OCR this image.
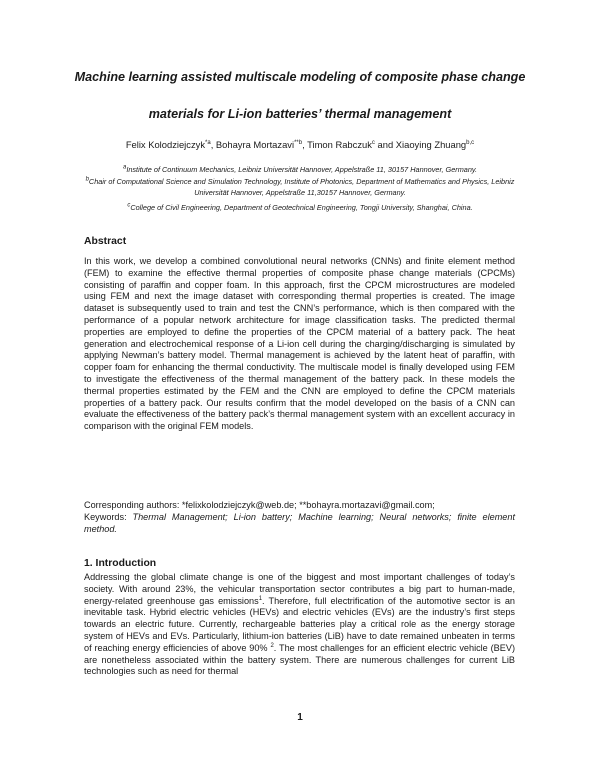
Machine learning assisted multiscale modeling of composite phase change
materials for Li-ion batteries’ thermal management
Felix Kolodziejczyk$^{*a}$, Bohayra Mortazavi$^{**b}$, Timon Rabczuk$^c$ and Xiaoying Zhuang$^{b,c}$
$^a$Institute of Continuum Mechanics, Leibniz Universität Hannover, Appelstraße 11, 30157 Hannover, Germany.
$^b$Chair of Computational Science and Simulation Technology, Institute of Photonics, Department of Mathematics and Physics, Leibniz Universität Hannover, Appelstraße 11,30157 Hannover, Germany.
$^c$College of Civil Engineering, Department of Geotechnical Engineering, Tongji University, Shanghai, China.
Abstract

In this work, we develop a combined convolutional neural networks (CNNs) and finite element method (FEM) to examine the effective thermal properties of composite phase change materials (CPCMs) consisting of paraffin and copper foam. In this approach, first the CPCM microstructures are modeled using FEM and next the image dataset with corresponding thermal properties is created. The image dataset is subsequently used to train and test the CNN’s performance, which is then compared with the performance of a popular network architecture for image classification tasks. The predicted thermal properties are employed to define the properties of the CPCM material of a battery pack. The heat generation and electrochemical response of a Li-ion cell during the charging/discharging is simulated by applying Newman’s battery model. Thermal management is achieved by the latent heat of paraffin, with copper foam for enhancing the thermal conductivity. The multiscale model is finally developed using FEM to investigate the effectiveness of the thermal management of the battery pack. In these models the thermal properties estimated by the FEM and the CNN are employed to define the CPCM materials properties of a battery pack. Our results confirm that the model developed on the basis of a CNN can evaluate the effectiveness of the battery pack’s thermal management system with an excellent accuracy in comparison with the original FEM models.

Corresponding authors: *felixkolodziejczyk@web.de; **bohayra.mortazavi@gmail.com;

Keywords: Thermal Management; Li-ion battery; Machine learning; Neural networks; finite element method.

1. Introduction

Addressing the global climate change is one of the biggest and most important challenges of today’s society. With around 23%, the vehicular transportation sector contributes a big part to human-made, energy-related greenhouse gas emissions$^1$. Therefore, full electrification of the automotive sector is an inevitable task. Hybrid electric vehicles (HEVs) and electric vehicles (EVs) are the industry’s first steps towards an electric future. Currently, rechargeable batteries play a critical role as the energy storage system of HEVs and EVs. Particularly, lithium-ion batteries (LiB) have to date remained unbeaten in terms of reaching energy efficiencies of above 90% $^2$. The most challenges for an efficient electric vehicle (BEV) are nonetheless associated within the battery system. There are numerous challenges for current LiB technologies such as need for thermal

1
